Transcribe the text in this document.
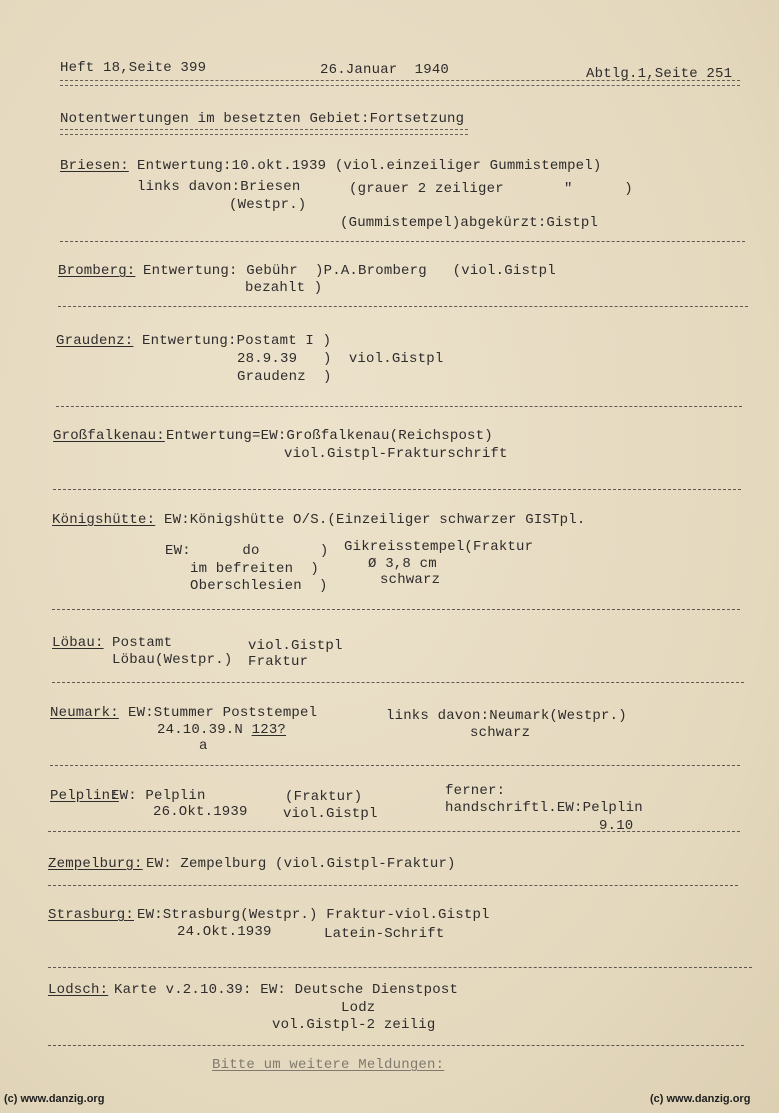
Heft 18,Seite 399	26.Januar  1940	Abtlg.1,Seite 251
Notentwertungen im besetzten Gebiet:Fortsetzung
Briesen: Entwertung:10.okt.1939 (viol.einzeiliger Gummistempel)
links davon:Briesen	(grauer 2 zeiliger       "      )
(Westpr.)
(Gummistempel)abgekürzt:Gistpl
Bromberg: Entwertung: Gebühr  )P.A.Bromberg   (viol.Gistpl
bezahlt )
Graudenz: Entwertung:Postamt I )
28.9.39   )  viol.Gistpl
Graudenz  )
Großfalkenau: Entwertung=EW:Großfalkenau(Reichspost)
viol.Gistpl-Frakturschrift
Königshütte: EW:Königshütte O/S.(Einzeiliger schwarzer GISTpl.
EW:      do       ) Gikreisstempel(Fraktur
im befreiten  )	Ø 3,8 cm
Oberschlesien  )	schwarz
Löbau: Postamt	viol.Gistpl
Löbau(Westpr.) Fraktur
Neumark: EW:Stummer Poststempel	links davon:Neumark(Westpr.)
24.10.39.N 123?	schwarz
a
Pelplin:
EW: Pelplin	(Fraktur)	ferner:
26.Okt.1939	viol.Gistpl	handschriftl.EW:Pelplin
9.10
Zempelburg: EW: Zempelburg (viol.Gistpl-Fraktur)
Strasburg: EW:Strasburg(Westpr.) Fraktur-viol.Gistpl
24.Okt.1939	Latein-Schrift
Lodsch: Karte v.2.10.39: EW: Deutsche Dienstpost
Lodz
vol.Gistpl-2 zeilig
Bitte um weitere Meldungen:
(c) www.danzig.org	(c) www.danzig.org
